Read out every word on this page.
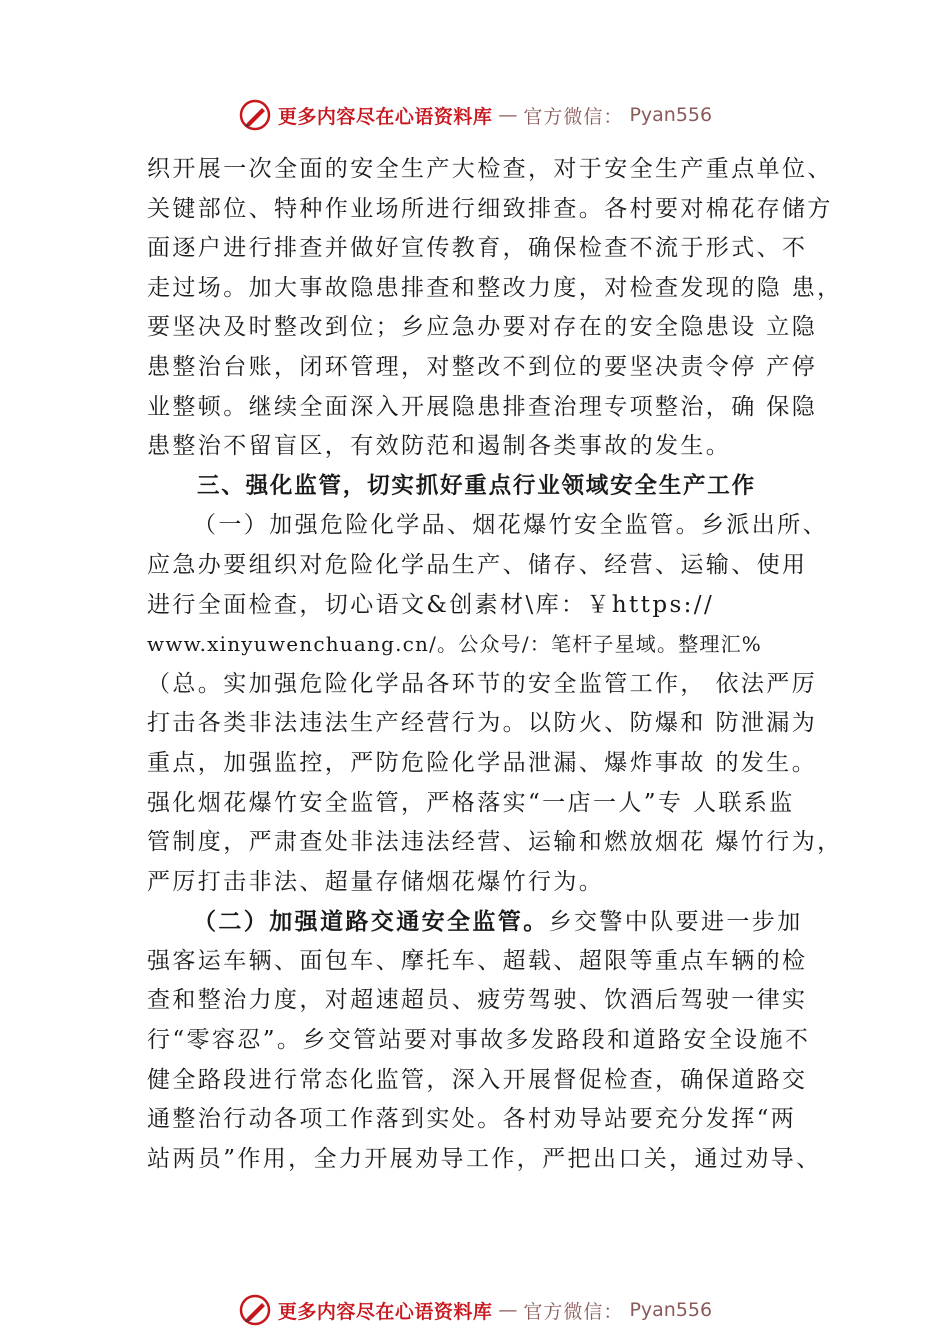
更多内容尽在心语资料库 — 官方微信： Pyan556
织开展一次全面的安全生产大检查，对于安全生产重点单位、
关键部位、特种作业场所进行细致排查。各村要对棉花存储方
面逐户进行排查并做好宣传教育，确保检查不流于形式、不
走过场。加大事故隐患排查和整改力度，对检查发现的隐 患，
要坚决及时整改到位；乡应急办要对存在的安全隐患设 立隐
患整治台账，闭环管理，对整改不到位的要坚决责令停 产停
业整顿。继续全面深入开展隐患排查治理专项整治，确 保隐
患整治不留盲区，有效防范和遏制各类事故的发生。
三、强化监管，切实抓好重点行业领域安全生产工作
（一）加强危险化学品、烟花爆竹安全监管。乡派出所、
应急办要组织对危险化学品生产、储存、经营、运输、使用
进行全面检查，切心语文&创素材\库：￥https://
www.xinyuwenchuang.cn/。公众号/：笔杆子星域。整理汇%
（总。实加强危险化学品各环节的安全监管工作， 依法严厉
打击各类非法违法生产经营行为。以防火、防爆和 防泄漏为
重点，加强监控，严防危险化学品泄漏、爆炸事故 的发生。
强化烟花爆竹安全监管，严格落实“一店一人”专 人联系监
管制度，严肃查处非法违法经营、运输和燃放烟花 爆竹行为，
严厉打击非法、超量存储烟花爆竹行为。
（二）加强道路交通安全监管。乡交警中队要进一步加
强客运车辆、面包车、摩托车、超载、超限等重点车辆的检
查和整治力度，对超速超员、疲劳驾驶、饮酒后驾驶一律实
行“零容忍”。乡交管站要对事故多发路段和道路安全设施不
健全路段进行常态化监管，深入开展督促检查，确保道路交
通整治行动各项工作落到实处。各村劝导站要充分发挥“两
站两员”作用，全力开展劝导工作，严把出口关，通过劝导、
更多内容尽在心语资料库 — 官方微信： Pyan556
